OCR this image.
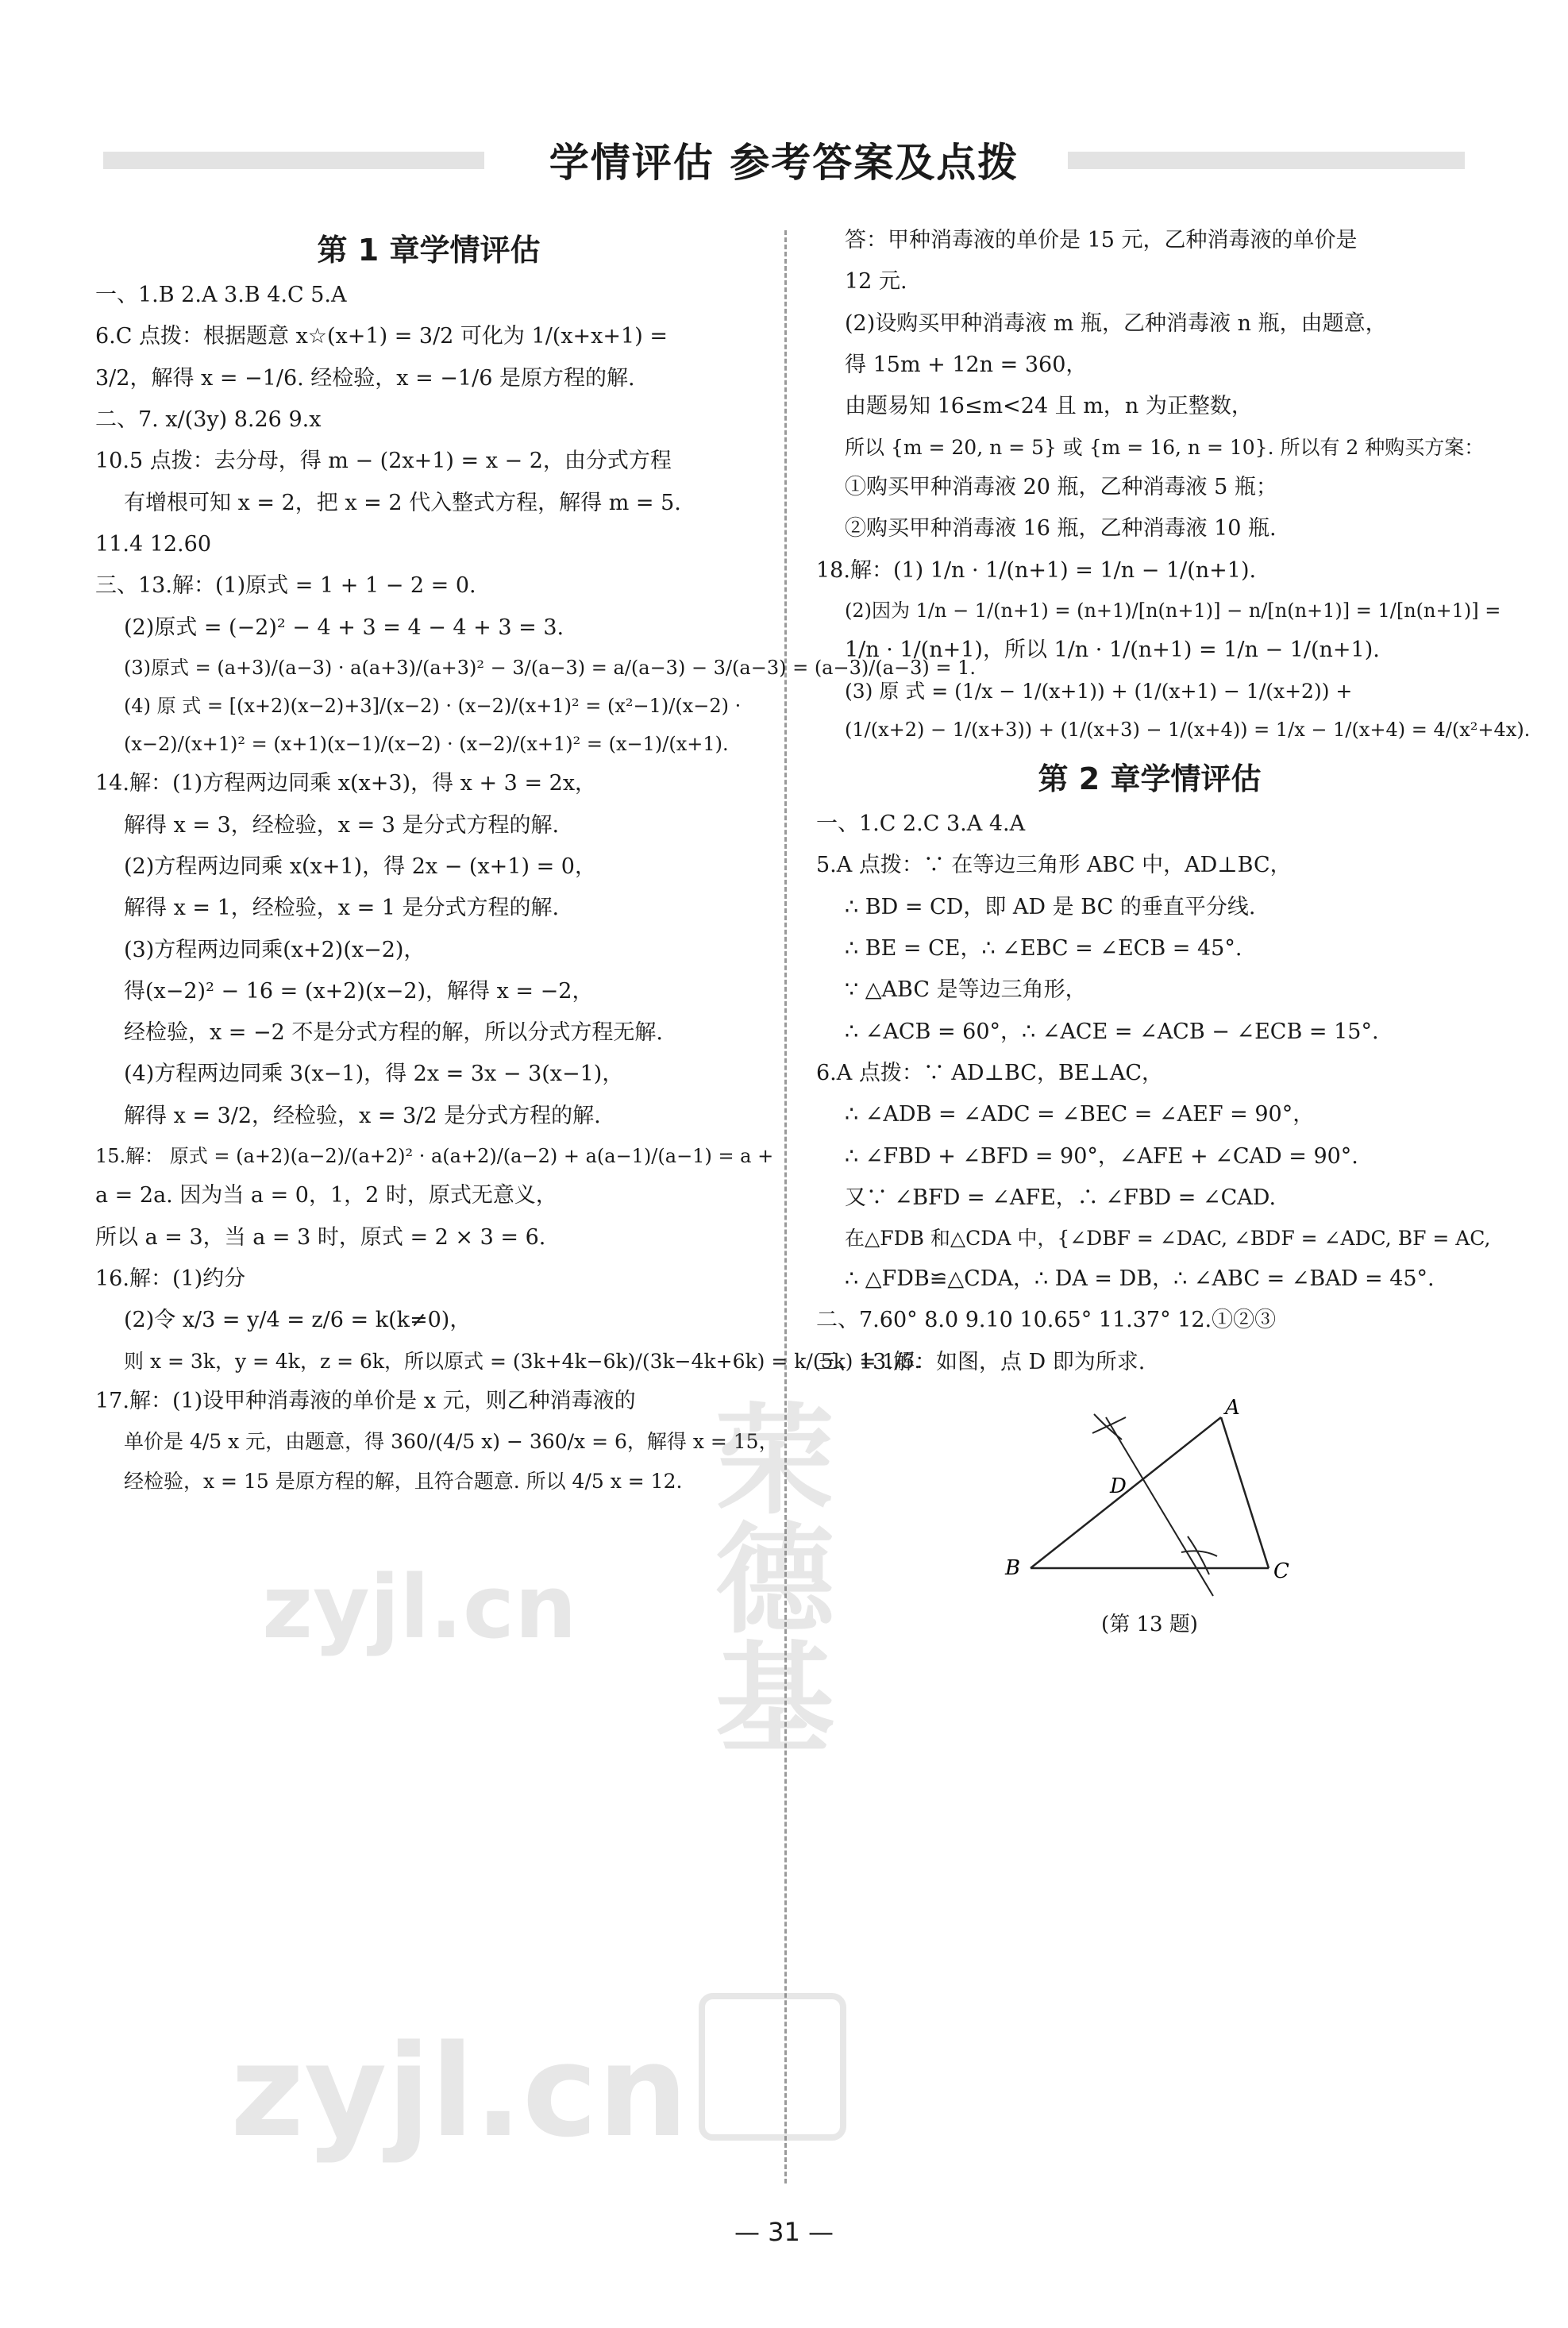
学情评估 参考答案及点拨
第 1 章学情评估
一、1.B 2.A 3.B 4.C 5.A
6.C 点拨：根据题意 x☆(x+1) = 3/2 可化为 1/(x+x+1) =
3/2，解得 x = −1/6. 经检验，x = −1/6 是原方程的解.
二、7. x/(3y) 8.26 9.x
10.5 点拨：去分母，得 m − (2x+1) = x − 2，由分式方程
有增根可知 x = 2，把 x = 2 代入整式方程，解得 m = 5.
11.4 12.60
三、13.解：(1)原式 = 1 + 1 − 2 = 0.
(2)原式 = (−2)² − 4 + 3 = 4 − 4 + 3 = 3.
(3)原式 = (a+3)/(a−3) · a(a+3)/(a+3)² − 3/(a−3) = a/(a−3) − 3/(a−3) = (a−3)/(a−3) = 1.
(4) 原 式 = [(x+2)(x−2)+3]/(x−2) · (x−2)/(x+1)² = (x²−1)/(x−2) ·
(x−2)/(x+1)² = (x+1)(x−1)/(x−2) · (x−2)/(x+1)² = (x−1)/(x+1).
14.解：(1)方程两边同乘 x(x+3)，得 x + 3 = 2x，
解得 x = 3，经检验，x = 3 是分式方程的解.
(2)方程两边同乘 x(x+1)，得 2x − (x+1) = 0，
解得 x = 1，经检验，x = 1 是分式方程的解.
(3)方程两边同乘(x+2)(x−2)，
得(x−2)² − 16 = (x+2)(x−2)，解得 x = −2，
经检验，x = −2 不是分式方程的解，所以分式方程无解.
(4)方程两边同乘 3(x−1)，得 2x = 3x − 3(x−1)，
解得 x = 3/2，经检验，x = 3/2 是分式方程的解.
15.解： 原式 = (a+2)(a−2)/(a+2)² · a(a+2)/(a−2) + a(a−1)/(a−1) = a +
a = 2a. 因为当 a = 0，1，2 时，原式无意义，
所以 a = 3，当 a = 3 时，原式 = 2 × 3 = 6.
16.解：(1)约分
(2)令 x/3 = y/4 = z/6 = k(k≠0)，
则 x = 3k，y = 4k，z = 6k，所以原式 = (3k+4k−6k)/(3k−4k+6k) = k/(5k) = 1/5.
17.解：(1)设甲种消毒液的单价是 x 元，则乙种消毒液的
单价是 4/5 x 元，由题意，得 360/(4/5 x) − 360/x = 6，解得 x = 15，
经检验，x = 15 是原方程的解，且符合题意. 所以 4/5 x = 12.
答：甲种消毒液的单价是 15 元，乙种消毒液的单价是
12 元.
(2)设购买甲种消毒液 m 瓶，乙种消毒液 n 瓶，由题意，
得 15m + 12n = 360，
由题易知 16≤m<24 且 m，n 为正整数，
所以 {m = 20, n = 5} 或 {m = 16, n = 10}. 所以有 2 种购买方案：
①购买甲种消毒液 20 瓶，乙种消毒液 5 瓶；
②购买甲种消毒液 16 瓶，乙种消毒液 10 瓶.
18.解：(1) 1/n · 1/(n+1) = 1/n − 1/(n+1).
(2)因为 1/n − 1/(n+1) = (n+1)/[n(n+1)] − n/[n(n+1)] = 1/[n(n+1)] =
1/n · 1/(n+1)，所以 1/n · 1/(n+1) = 1/n − 1/(n+1).
(3) 原 式 = (1/x − 1/(x+1)) + (1/(x+1) − 1/(x+2)) +
(1/(x+2) − 1/(x+3)) + (1/(x+3) − 1/(x+4)) = 1/x − 1/(x+4) = 4/(x²+4x).
第 2 章学情评估
一、1.C 2.C 3.A 4.A
5.A 点拨：∵ 在等边三角形 ABC 中，AD⊥BC，
∴ BD = CD，即 AD 是 BC 的垂直平分线.
∴ BE = CE，∴ ∠EBC = ∠ECB = 45°.
∵ △ABC 是等边三角形，
∴ ∠ACB = 60°，∴ ∠ACE = ∠ACB − ∠ECB = 15°.
6.A 点拨：∵ AD⊥BC，BE⊥AC，
∴ ∠ADB = ∠ADC = ∠BEC = ∠AEF = 90°，
∴ ∠FBD + ∠BFD = 90°，∠AFE + ∠CAD = 90°.
又∵ ∠BFD = ∠AFE，∴ ∠FBD = ∠CAD.
在△FDB 和△CDA 中，{∠DBF = ∠DAC, ∠BDF = ∠ADC, BF = AC,
∴ △FDB≌△CDA，∴ DA = DB，∴ ∠ABC = ∠BAD = 45°.
二、7.60° 8.0 9.10 10.65° 11.37° 12.①②③
三、13.解：如图，点 D 即为所求.
A
B	C
D
(第 13 题)
zyjl.cn
zyjl.cn
荣德基
— 31 —
